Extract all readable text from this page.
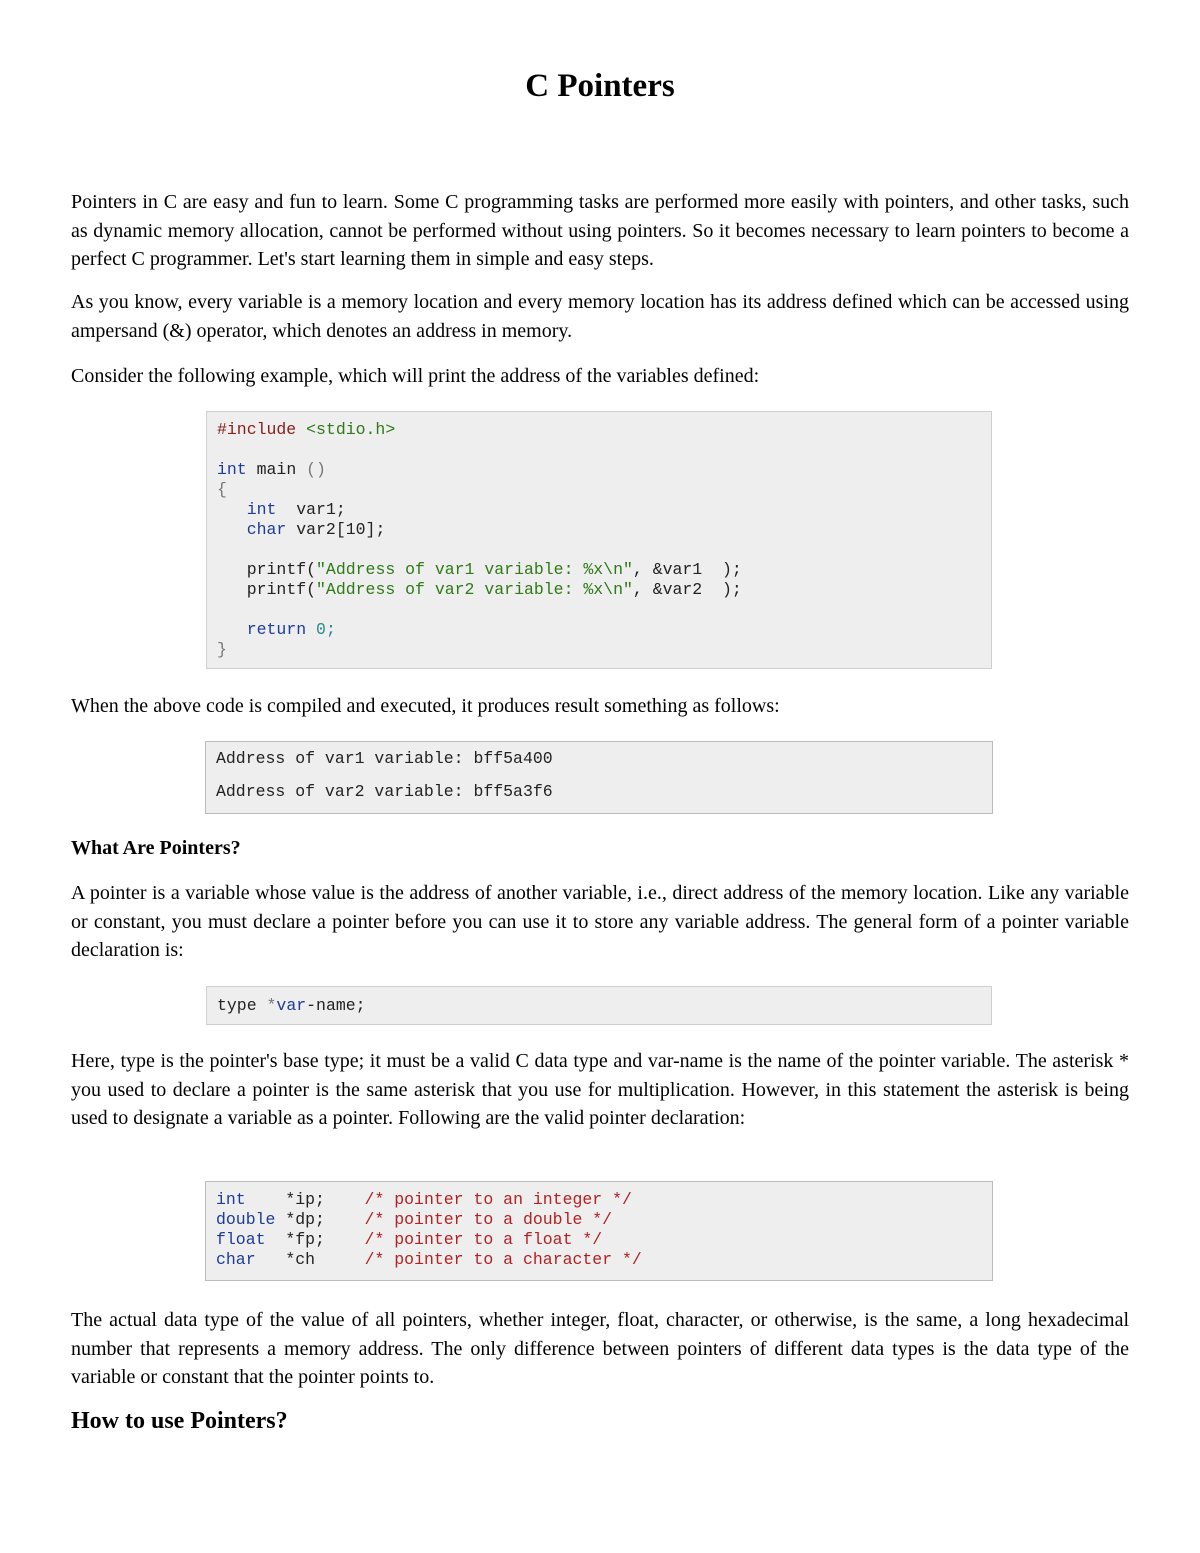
C Pointers

Pointers in C are easy and fun to learn. Some C programming tasks are performed more easily with pointers, and other tasks, such as dynamic memory allocation, cannot be performed without using pointers. So it becomes necessary to learn pointers to become a perfect C programmer. Let's start learning them in simple and easy steps.

As you know, every variable is a memory location and every memory location has its address defined which can be accessed using ampersand (&) operator, which denotes an address in memory.

Consider the following example, which will print the address of the variables defined:

#include <stdio.h>
int main ()
{
int  var1;
char var2[10];
printf("Address of var1 variable: %x\n", &var1  );
printf("Address of var2 variable: %x\n", &var2  );
return 0;
}

When the above code is compiled and executed, it produces result something as follows:

Address of var1 variable: bff5a400
Address of var2 variable: bff5a3f6
What Are Pointers?

A pointer is a variable whose value is the address of another variable, i.e., direct address of the memory location. Like any variable or constant, you must declare a pointer before you can use it to store any variable address. The general form of a pointer variable declaration is:

type *var-name;

Here, type is the pointer's base type; it must be a valid C data type and var-name is the name of the pointer variable. The asterisk * you used to declare a pointer is the same asterisk that you use for multiplication. However, in this statement the asterisk is being used to designate a variable as a pointer. Following are the valid pointer declaration:

int *ip; /* pointer to an integer */
double *dp; /* pointer to a double */
float *fp; /* pointer to a float */
char *ch	/* pointer to a character */

The actual data type of the value of all pointers, whether integer, float, character, or otherwise, is the same, a long hexadecimal number that represents a memory address. The only difference between pointers of different data types is the data type of the variable or constant that the pointer points to.

How to use Pointers?
